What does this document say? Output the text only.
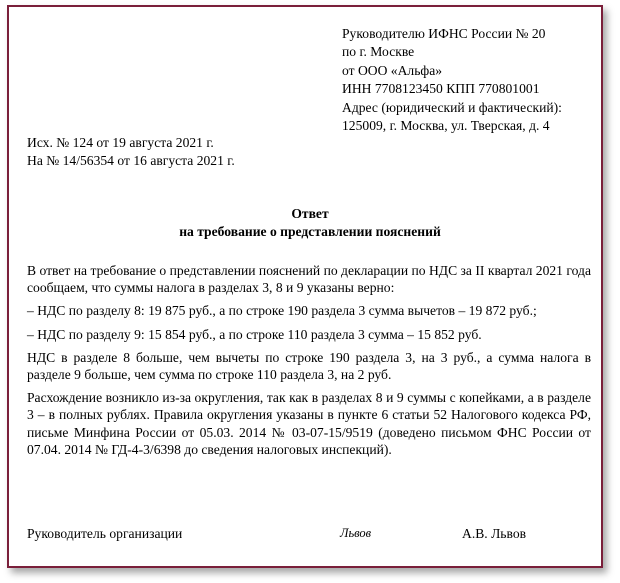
Руководителю ИФНС России № 20
по г. Москве
от ООО «Альфа»
ИНН 7708123450 КПП 770801001
Адрес (юридический и фактический):
125009, г. Москва, ул. Тверская, д. 4
Исх. № 124 от 19 августа 2021 г.
На № 14/56354 от 16 августа 2021 г.
Ответ
на требование о представлении пояснений

В ответ на требование о представлении пояснений по декларации по НДС за II квартал 2021 года сообщаем, что суммы налога в разделах 3, 8 и 9 указаны верно:

– НДС по разделу 8: 19 875 руб., а по строке 190 раздела 3 сумма вычетов – 19 872 руб.;

– НДС по разделу 9: 15 854 руб., а по строке 110 раздела 3 сумма – 15 852 руб.

НДС в разделе 8 больше, чем вычеты по строке 190 раздела 3, на 3 руб., а сумма налога в разделе 9 больше, чем сумма по строке 110 раздела 3, на 2 руб.

Расхождение возникло из-за округления, так как в разделах 8 и 9 суммы с копейками, а в разделе 3 – в полных рублях. Правила округления указаны в пункте 6 статьи 52 Налогового кодекса РФ, письме Минфина России от 05.03. 2014 № 03-07-15/9519 (доведено письмом ФНС России от 07.04. 2014 № ГД-4-3/6398 до сведения налоговых инспекций).

Руководитель организации	Львов	А.В. Львов
